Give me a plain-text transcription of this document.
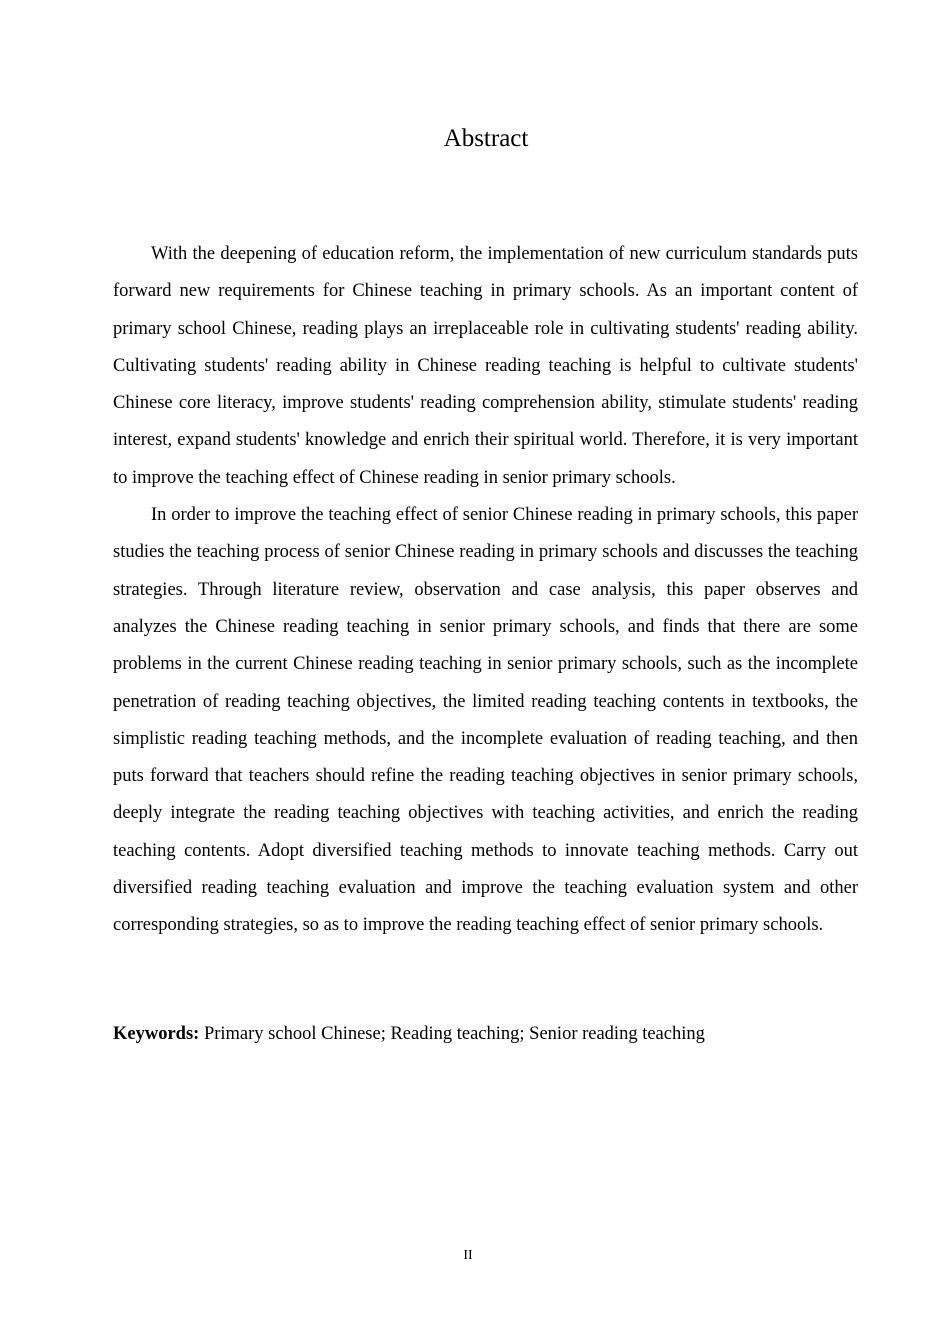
Abstract

With the deepening of education reform, the implementation of new curriculum standards puts forward new requirements for Chinese teaching in primary schools. As an important content of primary school Chinese, reading plays an irreplaceable role in cultivating students' reading ability. Cultivating students' reading ability in Chinese reading teaching is helpful to cultivate students' Chinese core literacy, improve students' reading comprehension ability, stimulate students' reading interest, expand students' knowledge and enrich their spiritual world. Therefore, it is very important to improve the teaching effect of Chinese reading in senior primary schools.

In order to improve the teaching effect of senior Chinese reading in primary schools, this paper studies the teaching process of senior Chinese reading in primary schools and discusses the teaching strategies. Through literature review, observation and case analysis, this paper observes and analyzes the Chinese reading teaching in senior primary schools, and finds that there are some problems in the current Chinese reading teaching in senior primary schools, such as the incomplete penetration of reading teaching objectives, the limited reading teaching contents in textbooks, the simplistic reading teaching methods, and the incomplete evaluation of reading teaching, and then puts forward that teachers should refine the reading teaching objectives in senior primary schools, deeply integrate the reading teaching objectives with teaching activities, and enrich the reading teaching contents. Adopt diversified teaching methods to innovate teaching methods. Carry out diversified reading teaching evaluation and improve the teaching evaluation system and other corresponding strategies, so as to improve the reading teaching effect of senior primary schools.

Keywords: Primary school Chinese; Reading teaching; Senior reading teaching

II
